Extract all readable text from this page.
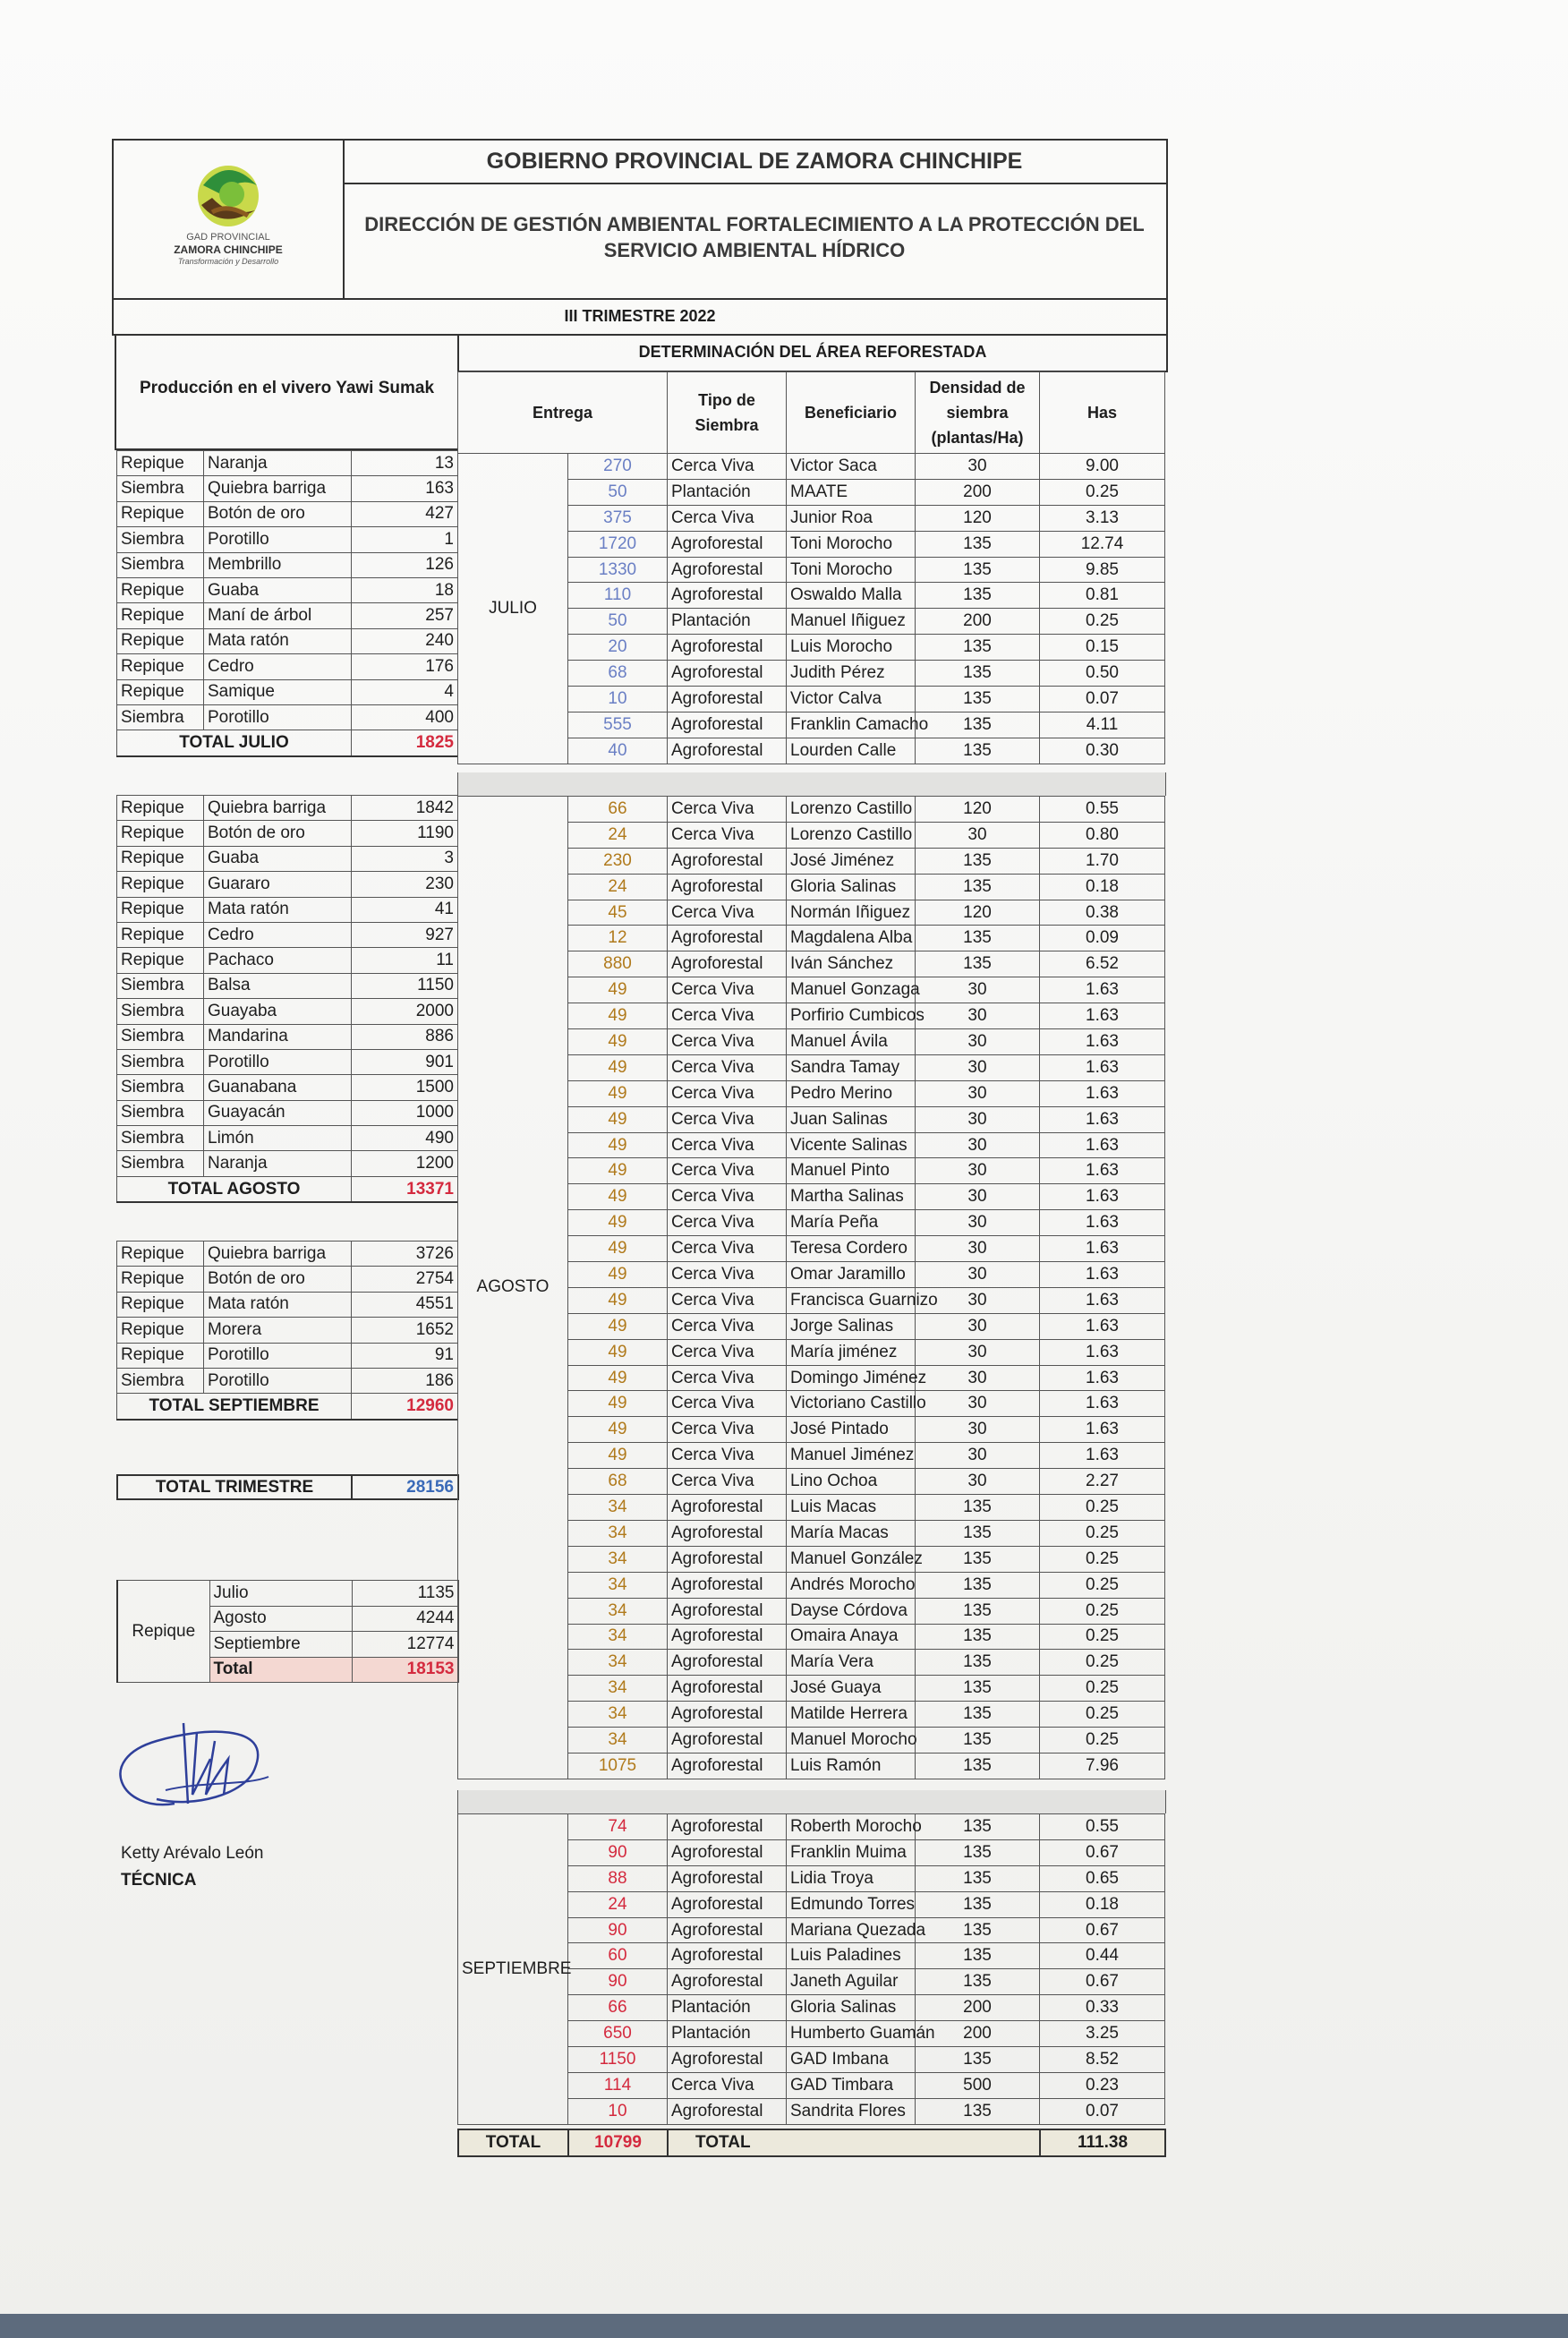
GAD PROVINCIAL
ZAMORA CHINCHIPE
Transformación y Desarrollo
GOBIERNO PROVINCIAL DE ZAMORA CHINCHIPE
DIRECCIÓN DE GESTIÓN AMBIENTAL FORTALECIMIENTO A LA PROTECCIÓN DEL SERVICIO AMBIENTAL HÍDRICO
III TRIMESTRE 2022
Producción en el vivero Yawi Sumak
Repique	Naranja	13
Siembra	Quiebra barriga	163
Repique	Botón de oro	427
Siembra	Porotillo	1
Siembra	Membrillo	126
Repique	Guaba	18
Repique	Maní de árbol	257
Repique	Mata ratón	240
Repique	Cedro	176
Repique	Samique	4
Siembra	Porotillo	400
TOTAL JULIO		1825
Repique	Quiebra barriga	1842
Repique	Botón de oro	1190
Repique	Guaba	3
Repique	Guararo	230
Repique	Mata ratón	41
Repique	Cedro	927
Repique	Pachaco	11
Siembra	Balsa	1150
Siembra	Guayaba	2000
Siembra	Mandarina	886
Siembra	Porotillo	901
Siembra	Guanabana	1500
Siembra	Guayacán	1000
Siembra	Limón	490
Siembra	Naranja	1200
TOTAL AGOSTO		13371
Repique	Quiebra barriga	3726
Repique	Botón de oro	2754
Repique	Mata ratón	4551
Repique	Morera	1652
Repique	Porotillo	91
Siembra	Porotillo	186
TOTAL SEPTIEMBRE		12960
TOTAL TRIMESTRE	28156
Repique	Julio	1135
	Agosto	4244
	Septiembre	12774
	Total	18153
DETERMINACIÓN DEL ÁREA REFORESTADA
Entrega	Tipo de Siembra	Beneficiario	Densidad de siembra (plantas/Ha)	Has
JULIO	270	Cerca Viva	Victor Saca	30	9.00
	50	Plantación	MAATE	200	0.25
	375	Cerca Viva	Junior Roa	120	3.13
	1720	Agroforestal	Toni Morocho	135	12.74
	1330	Agroforestal	Toni Morocho	135	9.85
	110	Agroforestal	Oswaldo Malla	135	0.81
	50	Plantación	Manuel Iñiguez	200	0.25
	20	Agroforestal	Luis Morocho	135	0.15
	68	Agroforestal	Judith Pérez	135	0.50
	10	Agroforestal	Victor Calva	135	0.07
	555	Agroforestal	Franklin Camacho	135	4.11
	40	Agroforestal	Lourden Calle	135	0.30
AGOSTO	66	Cerca Viva	Lorenzo Castillo	120	0.55
	24	Cerca Viva	Lorenzo Castillo	30	0.80
	230	Agroforestal	José Jiménez	135	1.70
	24	Agroforestal	Gloria Salinas	135	0.18
	45	Cerca Viva	Normán Iñiguez	120	0.38
	12	Agroforestal	Magdalena Alba	135	0.09
	880	Agroforestal	Iván Sánchez	135	6.52
	49	Cerca Viva	Manuel Gonzaga	30	1.63
	49	Cerca Viva	Porfirio Cumbicos	30	1.63
	49	Cerca Viva	Manuel Ávila	30	1.63
	49	Cerca Viva	Sandra Tamay	30	1.63
	49	Cerca Viva	Pedro Merino	30	1.63
	49	Cerca Viva	Juan Salinas	30	1.63
	49	Cerca Viva	Vicente Salinas	30	1.63
	49	Cerca Viva	Manuel Pinto	30	1.63
	49	Cerca Viva	Martha Salinas	30	1.63
	49	Cerca Viva	María Peña	30	1.63
	49	Cerca Viva	Teresa Cordero	30	1.63
	49	Cerca Viva	Omar Jaramillo	30	1.63
	49	Cerca Viva	Francisca Guarnizo	30	1.63
	49	Cerca Viva	Jorge Salinas	30	1.63
	49	Cerca Viva	María jiménez	30	1.63
	49	Cerca Viva	Domingo Jiménez	30	1.63
	49	Cerca Viva	Victoriano Castillo	30	1.63
	49	Cerca Viva	José Pintado	30	1.63
	49	Cerca Viva	Manuel Jiménez	30	1.63
	68	Cerca Viva	Lino Ochoa	30	2.27
	34	Agroforestal	Luis Macas	135	0.25
	34	Agroforestal	María Macas	135	0.25
	34	Agroforestal	Manuel González	135	0.25
	34	Agroforestal	Andrés Morocho	135	0.25
	34	Agroforestal	Dayse Córdova	135	0.25
	34	Agroforestal	Omaira Anaya	135	0.25
	34	Agroforestal	María Vera	135	0.25
	34	Agroforestal	José Guaya	135	0.25
	34	Agroforestal	Matilde Herrera	135	0.25
	34	Agroforestal	Manuel Morocho	135	0.25
	1075	Agroforestal	Luis Ramón	135	7.96
SEPTIEMBRE	74	Agroforestal	Roberth Morocho	135	0.55
	90	Agroforestal	Franklin Muima	135	0.67
	88	Agroforestal	Lidia Troya	135	0.65
	24	Agroforestal	Edmundo Torres	135	0.18
	90	Agroforestal	Mariana Quezada	135	0.67
	60	Agroforestal	Luis Paladines	135	0.44
	90	Agroforestal	Janeth Aguilar	135	0.67
	66	Plantación	Gloria Salinas	200	0.33
	650	Plantación	Humberto Guamán	200	3.25
	1150	Agroforestal	GAD Imbana	135	8.52
	114	Cerca Viva	GAD Timbara	500	0.23
	10	Agroforestal	Sandrita Flores	135	0.07
TOTAL	10799	TOTAL	111.38
Ketty Arévalo León
TÉCNICA
